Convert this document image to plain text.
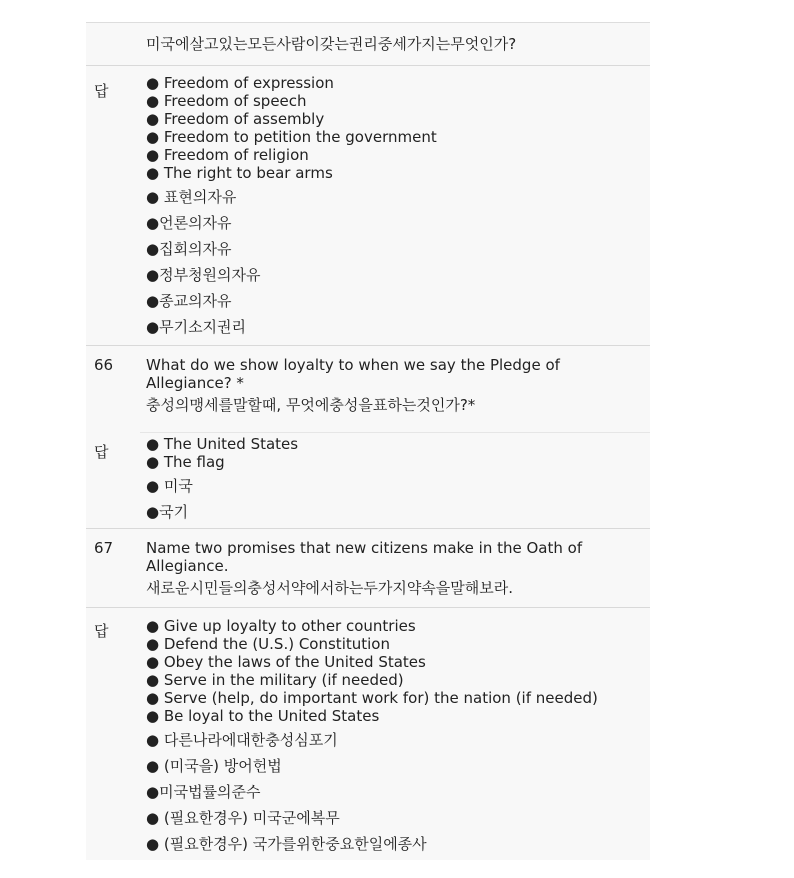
미국에살고있는모든사람이갖는권리중세가지는무엇인가?
답	● Freedom of expression
● Freedom of speech
● Freedom of assembly
● Freedom to petition the government
● Freedom of religion
● The right to bear arms
● 표현의자유
●언론의자유
●집회의자유
●정부청원의자유
●종교의자유
●무기소지권리
66 What do we show loyalty to when we say the Pledge of
Allegiance? *
충성의맹세를말할때, 무엇에충성을표하는것인가?*
답	● The United States
● The flag
● 미국
●국기
67 Name two promises that new citizens make in the Oath of
Allegiance.
새로운시민들의충성서약에서하는두가지약속을말해보라.
답	● Give up loyalty to other countries
● Defend the (U.S.) Constitution
● Obey the laws of the United States
● Serve in the military (if needed)
● Serve (help, do important work for) the nation (if needed)
● Be loyal to the United States
● 다른나라에대한충성심포기
● (미국을) 방어헌법
●미국법률의준수
● (필요한경우) 미국군에복무
● (필요한경우) 국가를위한중요한일에종사
